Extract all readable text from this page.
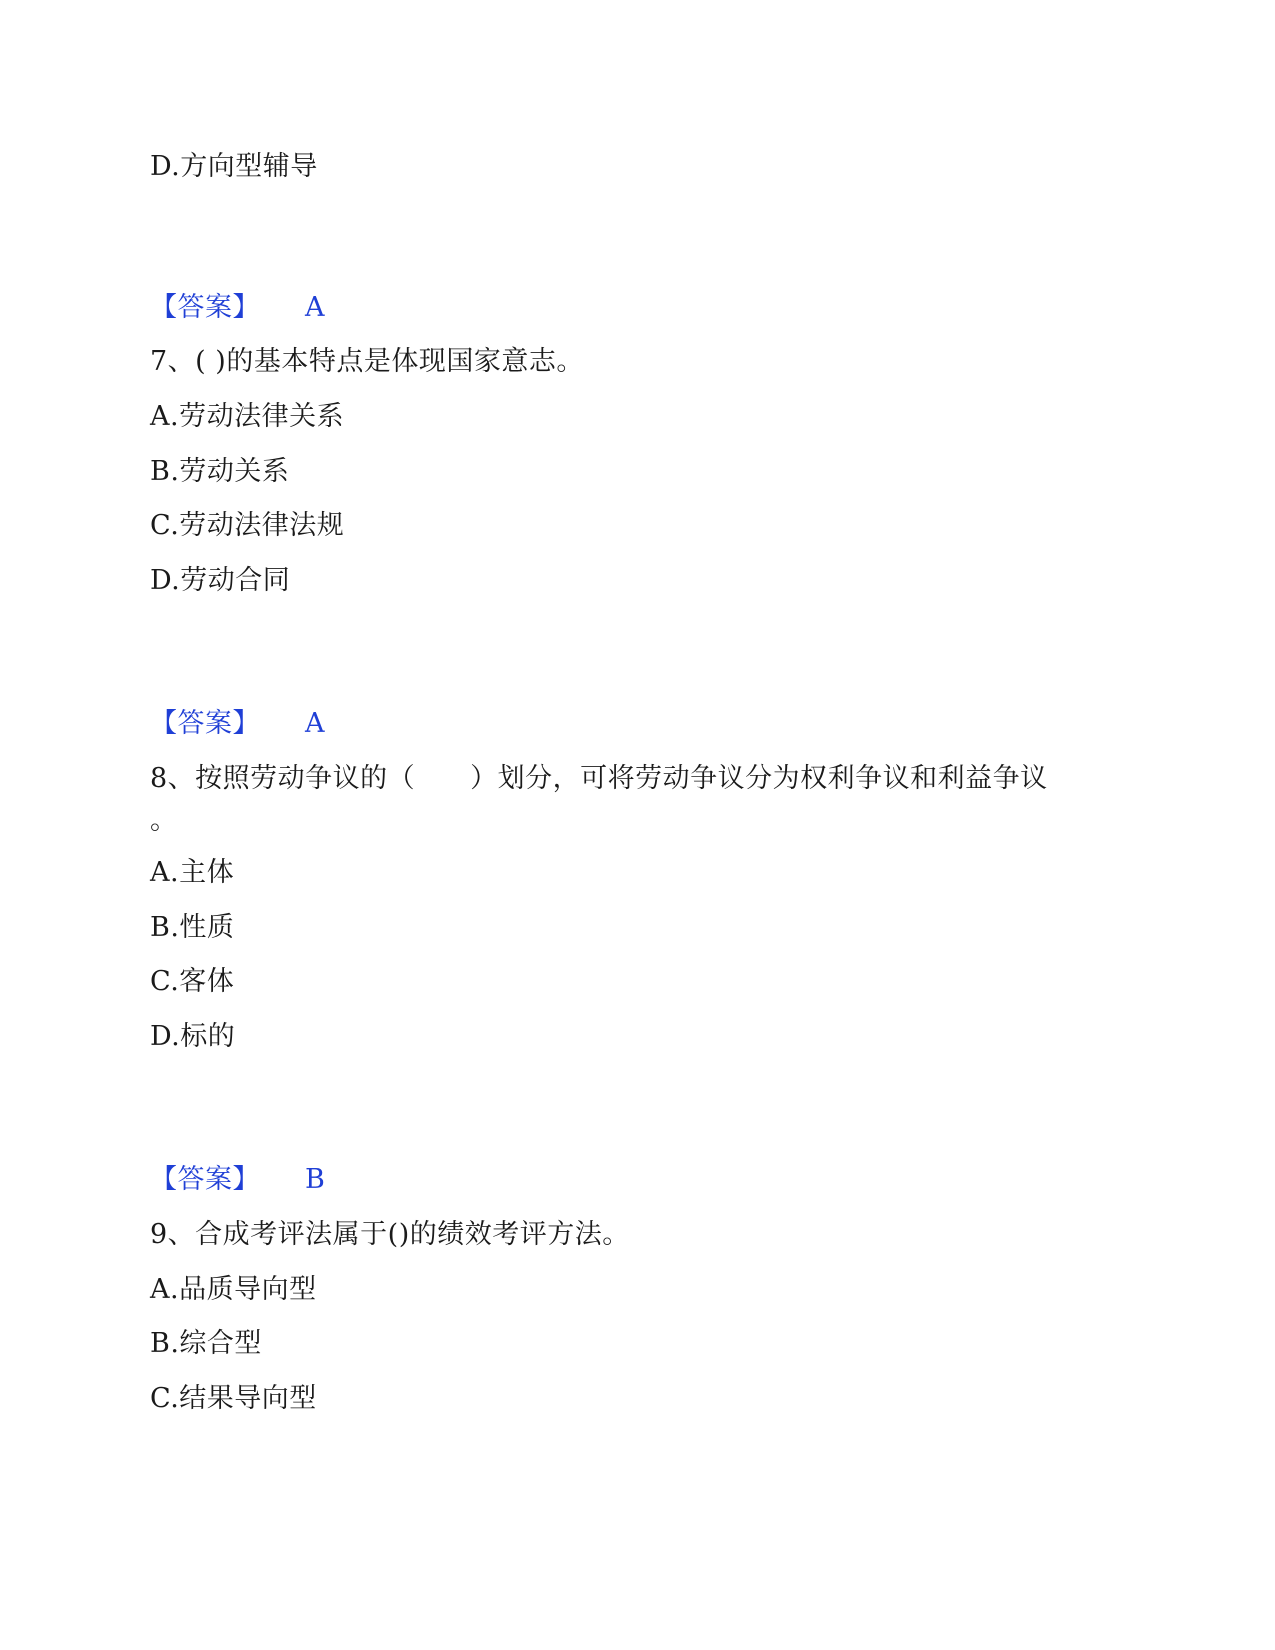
D.方向型辅导
【答案】 A
7、( )的基本特点是体现国家意志。
A.劳动法律关系
B.劳动关系
C.劳动法律法规
D.劳动合同
【答案】 A
8、按照劳动争议的（　　）划分，可将劳动争议分为权利争议和利益争议
。
A.主体
B.性质
C.客体
D.标的
【答案】 B
9、合成考评法属于()的绩效考评方法。
A.品质导向型
B.综合型
C.结果导向型
